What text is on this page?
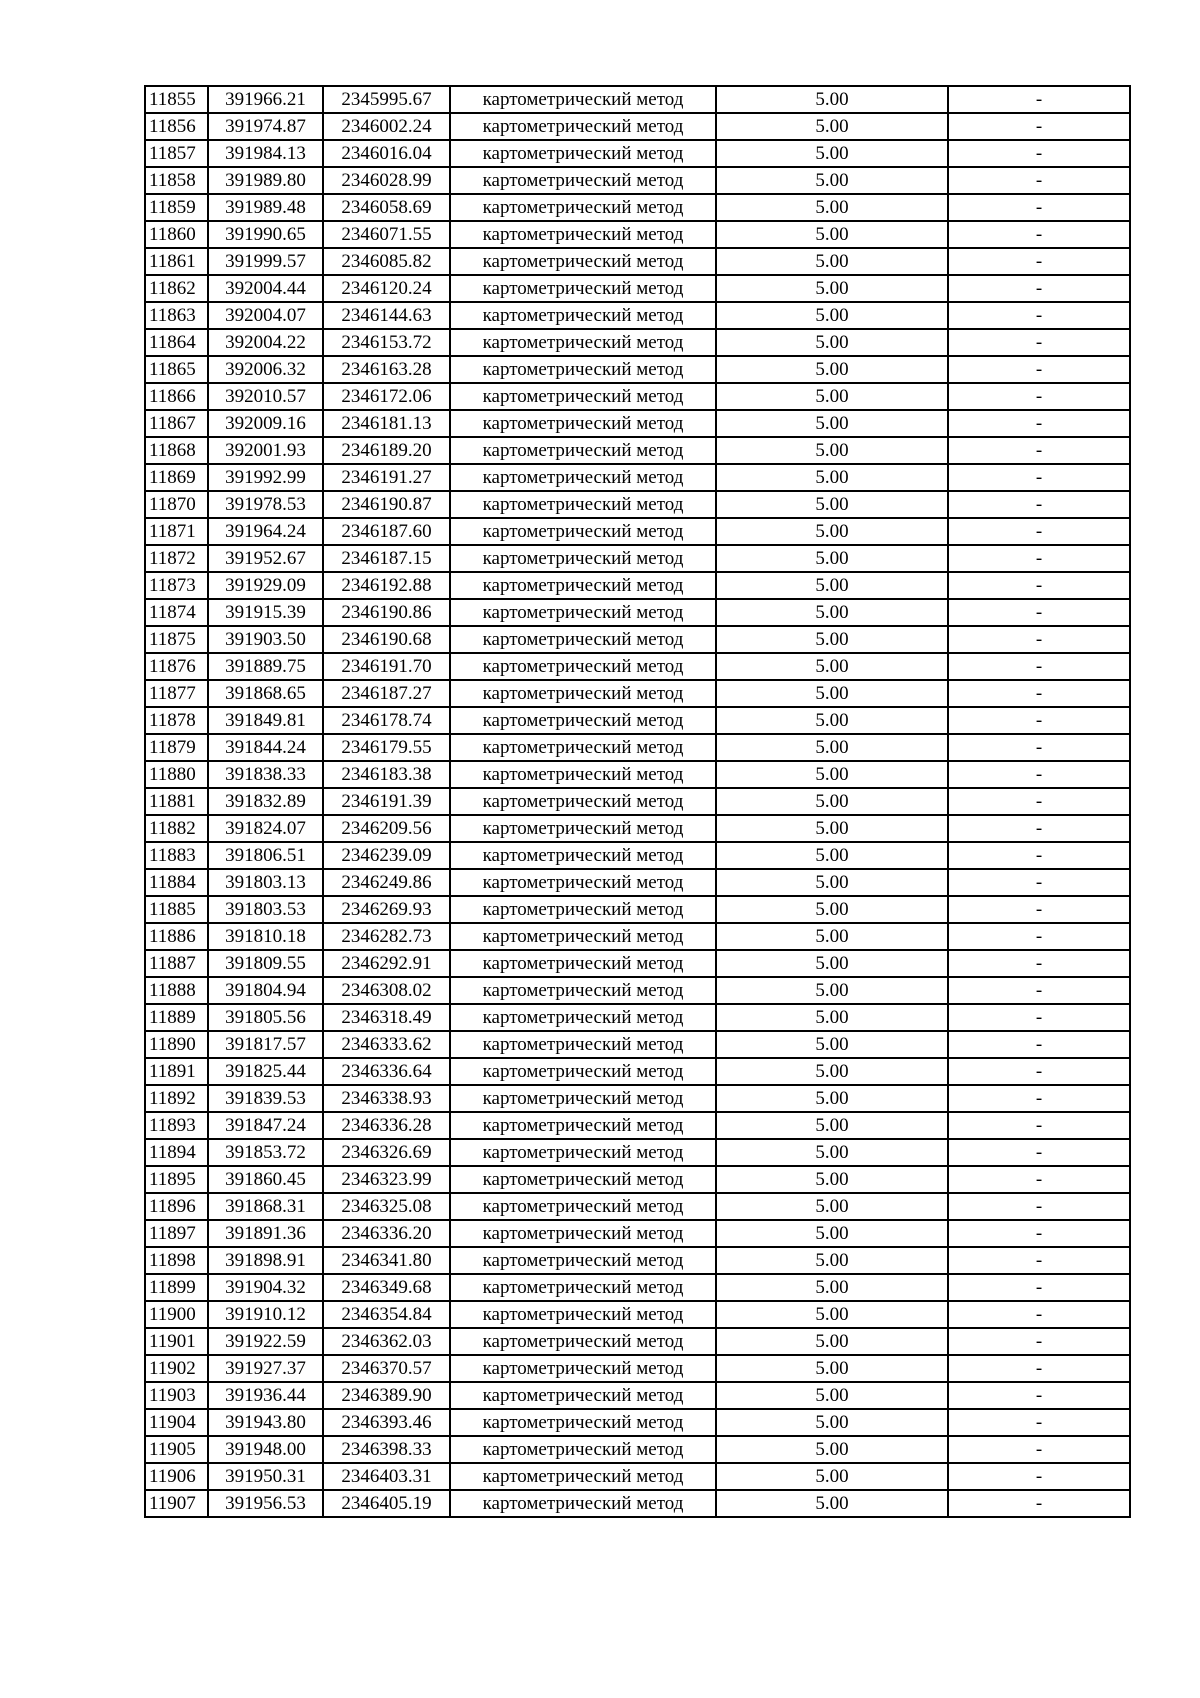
11855	391966.21	2345995.67	картометрический метод	5.00	-
11856	391974.87	2346002.24	картометрический метод	5.00	-
11857	391984.13	2346016.04	картометрический метод	5.00	-
11858	391989.80	2346028.99	картометрический метод	5.00	-
11859	391989.48	2346058.69	картометрический метод	5.00	-
11860	391990.65	2346071.55	картометрический метод	5.00	-
11861	391999.57	2346085.82	картометрический метод	5.00	-
11862	392004.44	2346120.24	картометрический метод	5.00	-
11863	392004.07	2346144.63	картометрический метод	5.00	-
11864	392004.22	2346153.72	картометрический метод	5.00	-
11865	392006.32	2346163.28	картометрический метод	5.00	-
11866	392010.57	2346172.06	картометрический метод	5.00	-
11867	392009.16	2346181.13	картометрический метод	5.00	-
11868	392001.93	2346189.20	картометрический метод	5.00	-
11869	391992.99	2346191.27	картометрический метод	5.00	-
11870	391978.53	2346190.87	картометрический метод	5.00	-
11871	391964.24	2346187.60	картометрический метод	5.00	-
11872	391952.67	2346187.15	картометрический метод	5.00	-
11873	391929.09	2346192.88	картометрический метод	5.00	-
11874	391915.39	2346190.86	картометрический метод	5.00	-
11875	391903.50	2346190.68	картометрический метод	5.00	-
11876	391889.75	2346191.70	картометрический метод	5.00	-
11877	391868.65	2346187.27	картометрический метод	5.00	-
11878	391849.81	2346178.74	картометрический метод	5.00	-
11879	391844.24	2346179.55	картометрический метод	5.00	-
11880	391838.33	2346183.38	картометрический метод	5.00	-
11881	391832.89	2346191.39	картометрический метод	5.00	-
11882	391824.07	2346209.56	картометрический метод	5.00	-
11883	391806.51	2346239.09	картометрический метод	5.00	-
11884	391803.13	2346249.86	картометрический метод	5.00	-
11885	391803.53	2346269.93	картометрический метод	5.00	-
11886	391810.18	2346282.73	картометрический метод	5.00	-
11887	391809.55	2346292.91	картометрический метод	5.00	-
11888	391804.94	2346308.02	картометрический метод	5.00	-
11889	391805.56	2346318.49	картометрический метод	5.00	-
11890	391817.57	2346333.62	картометрический метод	5.00	-
11891	391825.44	2346336.64	картометрический метод	5.00	-
11892	391839.53	2346338.93	картометрический метод	5.00	-
11893	391847.24	2346336.28	картометрический метод	5.00	-
11894	391853.72	2346326.69	картометрический метод	5.00	-
11895	391860.45	2346323.99	картометрический метод	5.00	-
11896	391868.31	2346325.08	картометрический метод	5.00	-
11897	391891.36	2346336.20	картометрический метод	5.00	-
11898	391898.91	2346341.80	картометрический метод	5.00	-
11899	391904.32	2346349.68	картометрический метод	5.00	-
11900	391910.12	2346354.84	картометрический метод	5.00	-
11901	391922.59	2346362.03	картометрический метод	5.00	-
11902	391927.37	2346370.57	картометрический метод	5.00	-
11903	391936.44	2346389.90	картометрический метод	5.00	-
11904	391943.80	2346393.46	картометрический метод	5.00	-
11905	391948.00	2346398.33	картометрический метод	5.00	-
11906	391950.31	2346403.31	картометрический метод	5.00	-
11907	391956.53	2346405.19	картометрический метод	5.00	-
